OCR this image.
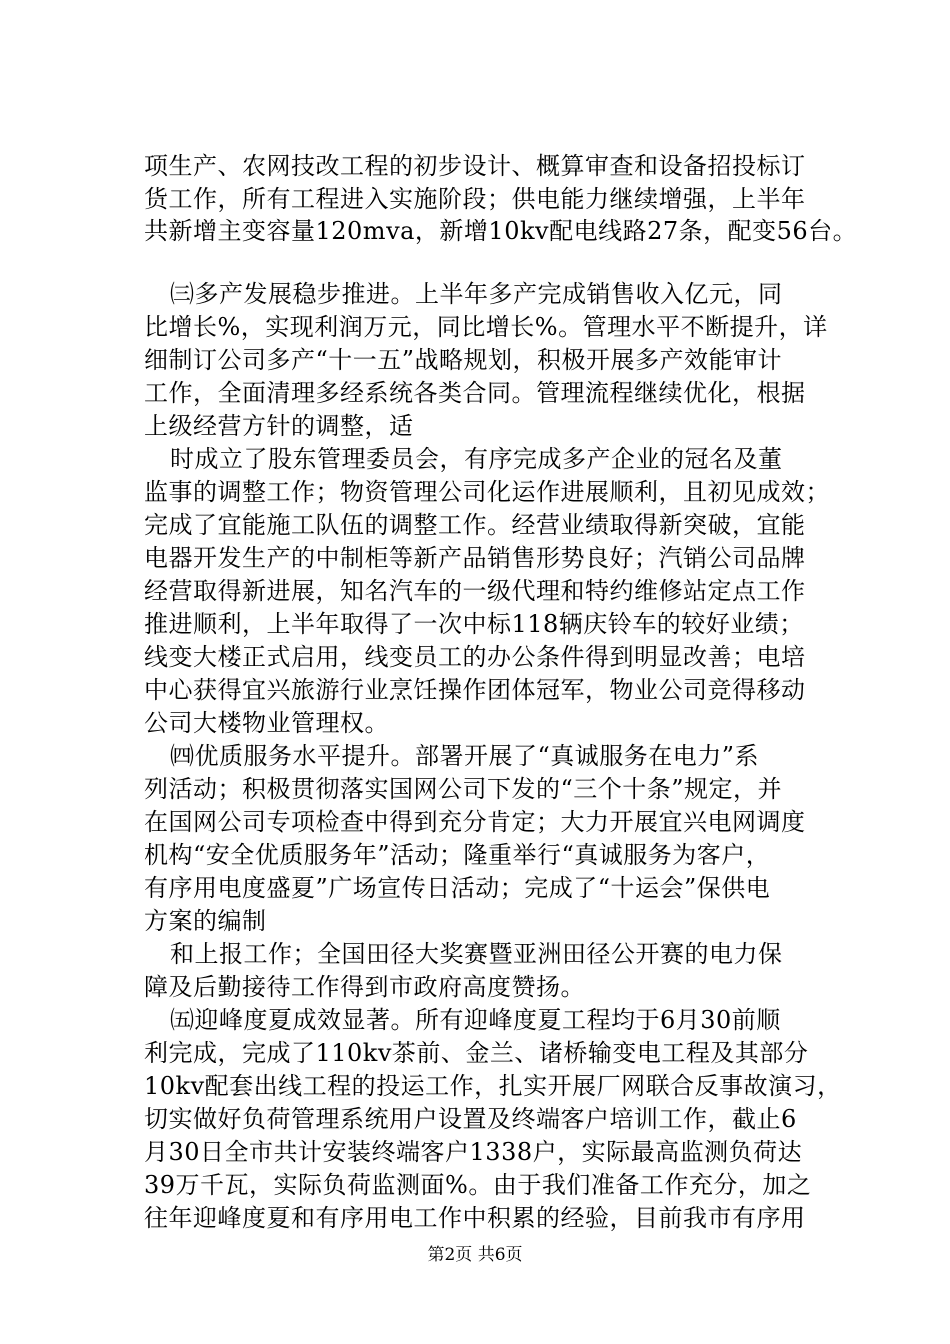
项生产、农网技改工程的初步设计、概算审查和设备招投标订
货工作，所有工程进入实施阶段；供电能力继续增强，上半年
共新增主变容量120mva，新增10kv配电线路27条，配变56台。
㈢多产发展稳步推进。上半年多产完成销售收入亿元，同
比增长%，实现利润万元，同比增长%。管理水平不断提升，详
细制订公司多产“十一五”战略规划，积极开展多产效能审计
工作，全面清理多经系统各类合同。管理流程继续优化，根据
上级经营方针的调整，适
时成立了股东管理委员会，有序完成多产企业的冠名及董
监事的调整工作；物资管理公司化运作进展顺利，且初见成效；
完成了宜能施工队伍的调整工作。经营业绩取得新突破，宜能
电器开发生产的中制柜等新产品销售形势良好；汽销公司品牌
经营取得新进展，知名汽车的一级代理和特约维修站定点工作
推进顺利，上半年取得了一次中标118辆庆铃车的较好业绩；
线变大楼正式启用，线变员工的办公条件得到明显改善；电培
中心获得宜兴旅游行业烹饪操作团体冠军，物业公司竞得移动
公司大楼物业管理权。
㈣优质服务水平提升。部署开展了“真诚服务在电力”系
列活动；积极贯彻落实国网公司下发的“三个十条”规定，并
在国网公司专项检查中得到充分肯定；大力开展宜兴电网调度
机构“安全优质服务年”活动；隆重举行“真诚服务为客户，
有序用电度盛夏”广场宣传日活动；完成了“十运会”保供电
方案的编制
和上报工作；全国田径大奖赛暨亚洲田径公开赛的电力保
障及后勤接待工作得到市政府高度赞扬。
㈤迎峰度夏成效显著。所有迎峰度夏工程均于6月30前顺
利完成，完成了110kv茶前、金兰、诸桥输变电工程及其部分
10kv配套出线工程的投运工作，扎实开展厂网联合反事故演习，
切实做好负荷管理系统用户设置及终端客户培训工作，截止6
月30日全市共计安装终端客户1338户，实际最高监测负荷达
39万千瓦，实际负荷监测面%。由于我们准备工作充分，加之
往年迎峰度夏和有序用电工作中积累的经验，目前我市有序用
第2页 共6页
